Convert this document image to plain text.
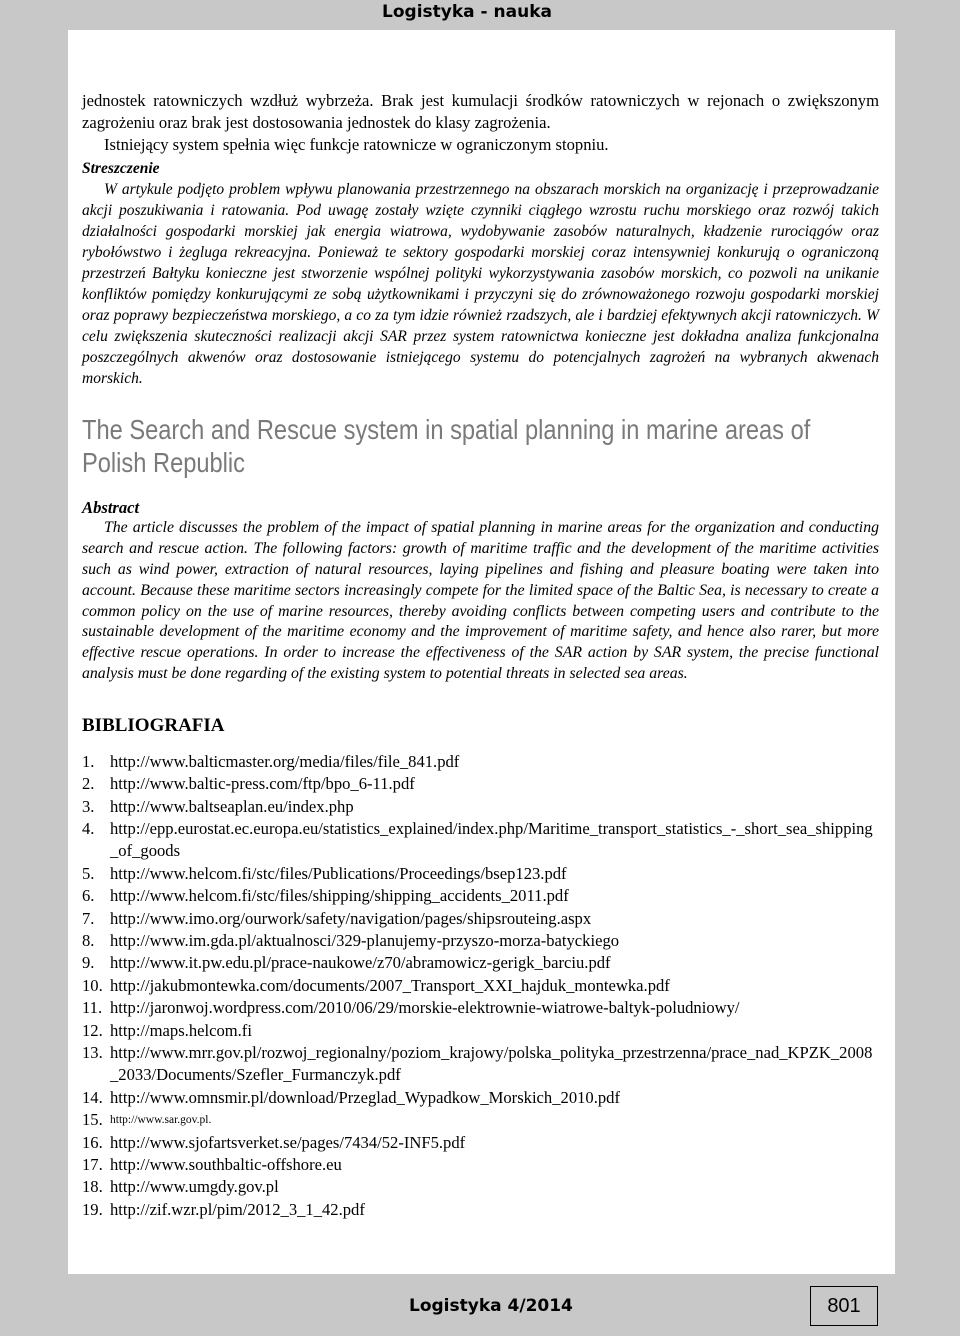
Logistyka - nauka

jednostek ratowniczych wzdłuż wybrzeża. Brak jest kumulacji środków ratowniczych w rejonach o zwiększonym zagrożeniu oraz brak jest dostosowania jednostek do klasy zagrożenia.

Istniejący system spełnia więc funkcje ratownicze w ograniczonym stopniu.

Streszczenie

W artykule podjęto problem wpływu planowania przestrzennego na obszarach morskich na organizację i przeprowadzanie akcji poszukiwania i ratowania. Pod uwagę zostały wzięte czynniki ciągłego wzrostu ruchu morskiego oraz rozwój takich działalności gospodarki morskiej jak energia wiatrowa, wydobywanie zasobów naturalnych, kładzenie rurociągów oraz rybołówstwo i żegluga rekreacyjna. Ponieważ te sektory gospodarki morskiej coraz intensywniej konkurują o ograniczoną przestrzeń Bałtyku konieczne jest stworzenie wspólnej polityki wykorzystywania zasobów morskich, co pozwoli na unikanie konfliktów pomiędzy konkurującymi ze sobą użytkownikami i przyczyni się do zrównoważonego rozwoju gospodarki morskiej oraz poprawy bezpieczeństwa morskiego, a co za tym idzie również rzadszych, ale i bardziej efektywnych akcji ratowniczych. W celu zwiększenia skuteczności realizacji akcji SAR przez system ratownictwa konieczne jest dokładna analiza funkcjonalna poszczególnych akwenów oraz dostosowanie istniejącego systemu do potencjalnych zagrożeń na wybranych akwenach morskich.

The Search and Rescue system in spatial planning in marine areas of Polish Republic

Abstract

The article discusses the problem of the impact of spatial planning in marine areas for the organization and conducting search and rescue action. The following factors: growth of maritime traffic and the development of the maritime activities such as wind power, extraction of natural resources, laying pipelines and fishing and pleasure boating were taken into account. Because these maritime sectors increasingly compete for the limited space of the Baltic Sea, is necessary to create a common policy on the use of marine resources, thereby avoiding conflicts between competing users and contribute to the sustainable development of the maritime economy and the improvement of maritime safety, and hence also rarer, but more effective rescue operations. In order to increase the effectiveness of the SAR action by SAR system, the precise functional analysis must be done regarding of the existing system to potential threats in selected sea areas.

BIBLIOGRAFIA
1. http://www.balticmaster.org/media/files/file_841.pdf
2. http://www.baltic-press.com/ftp/bpo_6-11.pdf
3. http://www.baltseaplan.eu/index.php
4. http://epp.eurostat.ec.europa.eu/statistics_explained/index.php/Maritime_transport_statistics_-_short_sea_shipping_of_goods
5. http://www.helcom.fi/stc/files/Publications/Proceedings/bsep123.pdf
6. http://www.helcom.fi/stc/files/shipping/shipping_accidents_2011.pdf
7. http://www.imo.org/ourwork/safety/navigation/pages/shipsrouteing.aspx
8. http://www.im.gda.pl/aktualnosci/329-planujemy-przyszo-morza-batyckiego
9. http://www.it.pw.edu.pl/prace-naukowe/z70/abramowicz-gerigk_barciu.pdf
10. http://jakubmontewka.com/documents/2007_Transport_XXI_hajduk_montewka.pdf
11. http://jaronwoj.wordpress.com/2010/06/29/morskie-elektrownie-wiatrowe-baltyk-poludniowy/
12. http://maps.helcom.fi
13. http://www.mrr.gov.pl/rozwoj_regionalny/poziom_krajowy/polska_polityka_przestrzenna/prace_nad_KPZK_2008_2033/Documents/Szefler_Furmanczyk.pdf
14. http://www.omnsmir.pl/download/Przeglad_Wypadkow_Morskich_2010.pdf
15. http://www.sar.gov.pl.
16. http://www.sjofartsverket.se/pages/7434/52-INF5.pdf
17. http://www.southbaltic-offshore.eu
18. http://www.umgdy.gov.pl
19. http://zif.wzr.pl/pim/2012_3_1_42.pdf
Logistyka 4/2014	801
